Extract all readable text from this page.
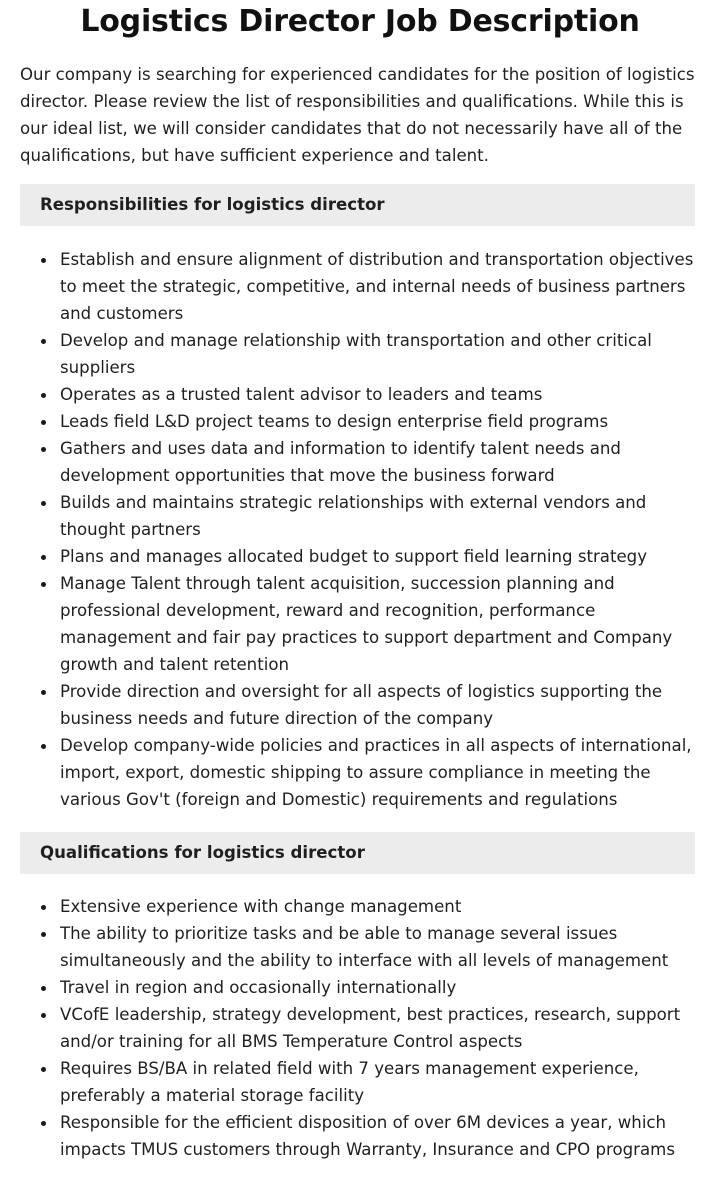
Logistics Director Job Description

Our company is searching for experienced candidates for the position of logistics director. Please review the list of responsibilities and qualifications. While this is our ideal list, we will consider candidates that do not necessarily have all of the qualifications, but have sufficient experience and talent.

Responsibilities for logistics director
Establish and ensure alignment of distribution and transportation objectives to meet the strategic, competitive, and internal needs of business partners and customers
Develop and manage relationship with transportation and other critical suppliers
Operates as a trusted talent advisor to leaders and teams
Leads field L&D project teams to design enterprise field programs
Gathers and uses data and information to identify talent needs and development opportunities that move the business forward
Builds and maintains strategic relationships with external vendors and thought partners
Plans and manages allocated budget to support field learning strategy
Manage Talent through talent acquisition, succession planning and professional development, reward and recognition, performance management and fair pay practices to support department and Company growth and talent retention
Provide direction and oversight for all aspects of logistics supporting the business needs and future direction of the company
Develop company-wide policies and practices in all aspects of international, import, export, domestic shipping to assure compliance in meeting the various Gov't (foreign and Domestic) requirements and regulations
Qualifications for logistics director
Extensive experience with change management
The ability to prioritize tasks and be able to manage several issues simultaneously and the ability to interface with all levels of management
Travel in region and occasionally internationally
VCofE leadership, strategy development, best practices, research, support and/or training for all BMS Temperature Control aspects
Requires BS/BA in related field with 7 years management experience, preferably a material storage facility
Responsible for the efficient disposition of over 6M devices a year, which impacts TMUS customers through Warranty, Insurance and CPO programs
